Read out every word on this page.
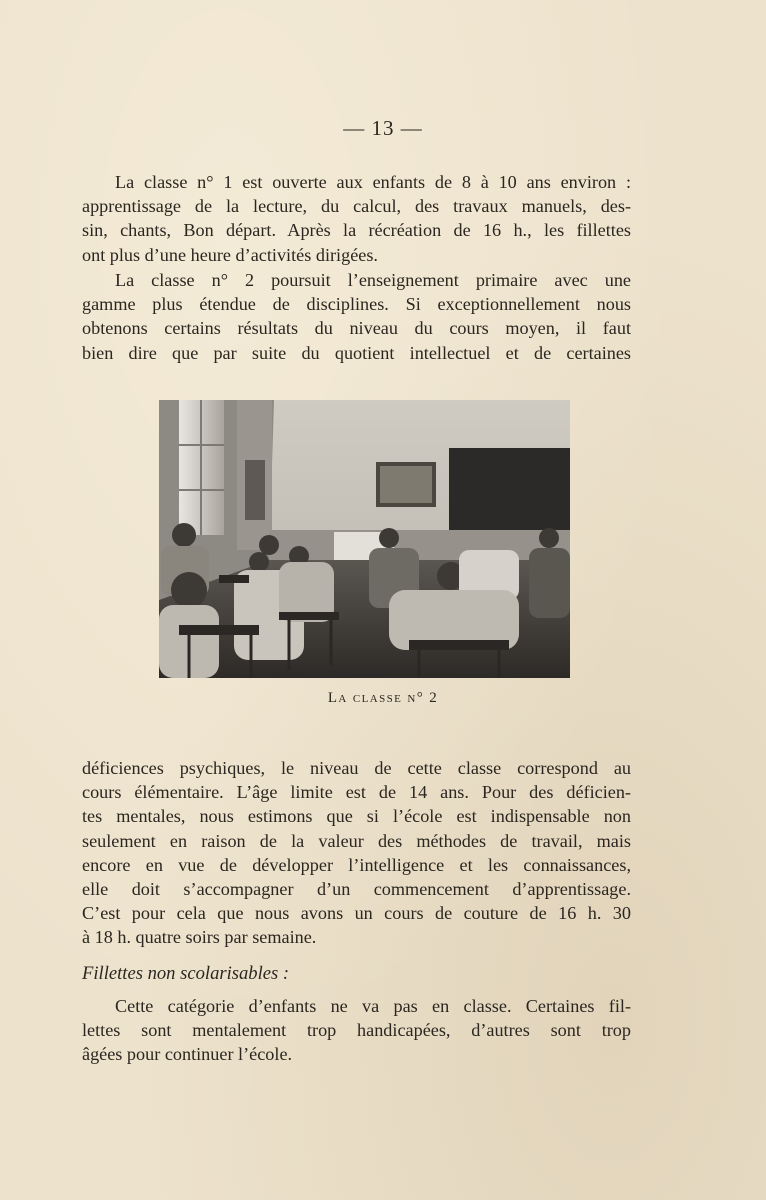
— 13 —
La classe n° 1 est ouverte aux enfants de 8 à 10 ans environ :
apprentissage de la lecture, du calcul, des travaux manuels, des-
sin, chants, Bon départ. Après la récréation de 16 h., les fillettes
ont plus d’une heure d’activités dirigées.
La classe n° 2 poursuit l’enseignement primaire avec une
gamme plus étendue de disciplines. Si exceptionnellement nous
obtenons certains résultats du niveau du cours moyen, il faut
bien dire que par suite du quotient intellectuel et de certaines
La classe n° 2
déficiences psychiques, le niveau de cette classe correspond au
cours élémentaire. L’âge limite est de 14 ans. Pour des déficien-
tes mentales, nous estimons que si l’école est indispensable non
seulement en raison de la valeur des méthodes de travail, mais
encore en vue de développer l’intelligence et les connaissances,
elle doit s’accompagner d’un commencement d’apprentissage.
C’est pour cela que nous avons un cours de couture de 16 h. 30
à 18 h. quatre soirs par semaine.
Fillettes non scolarisables :
Cette catégorie d’enfants ne va pas en classe. Certaines fil-
lettes sont mentalement trop handicapées, d’autres sont trop
âgées pour continuer l’école.
